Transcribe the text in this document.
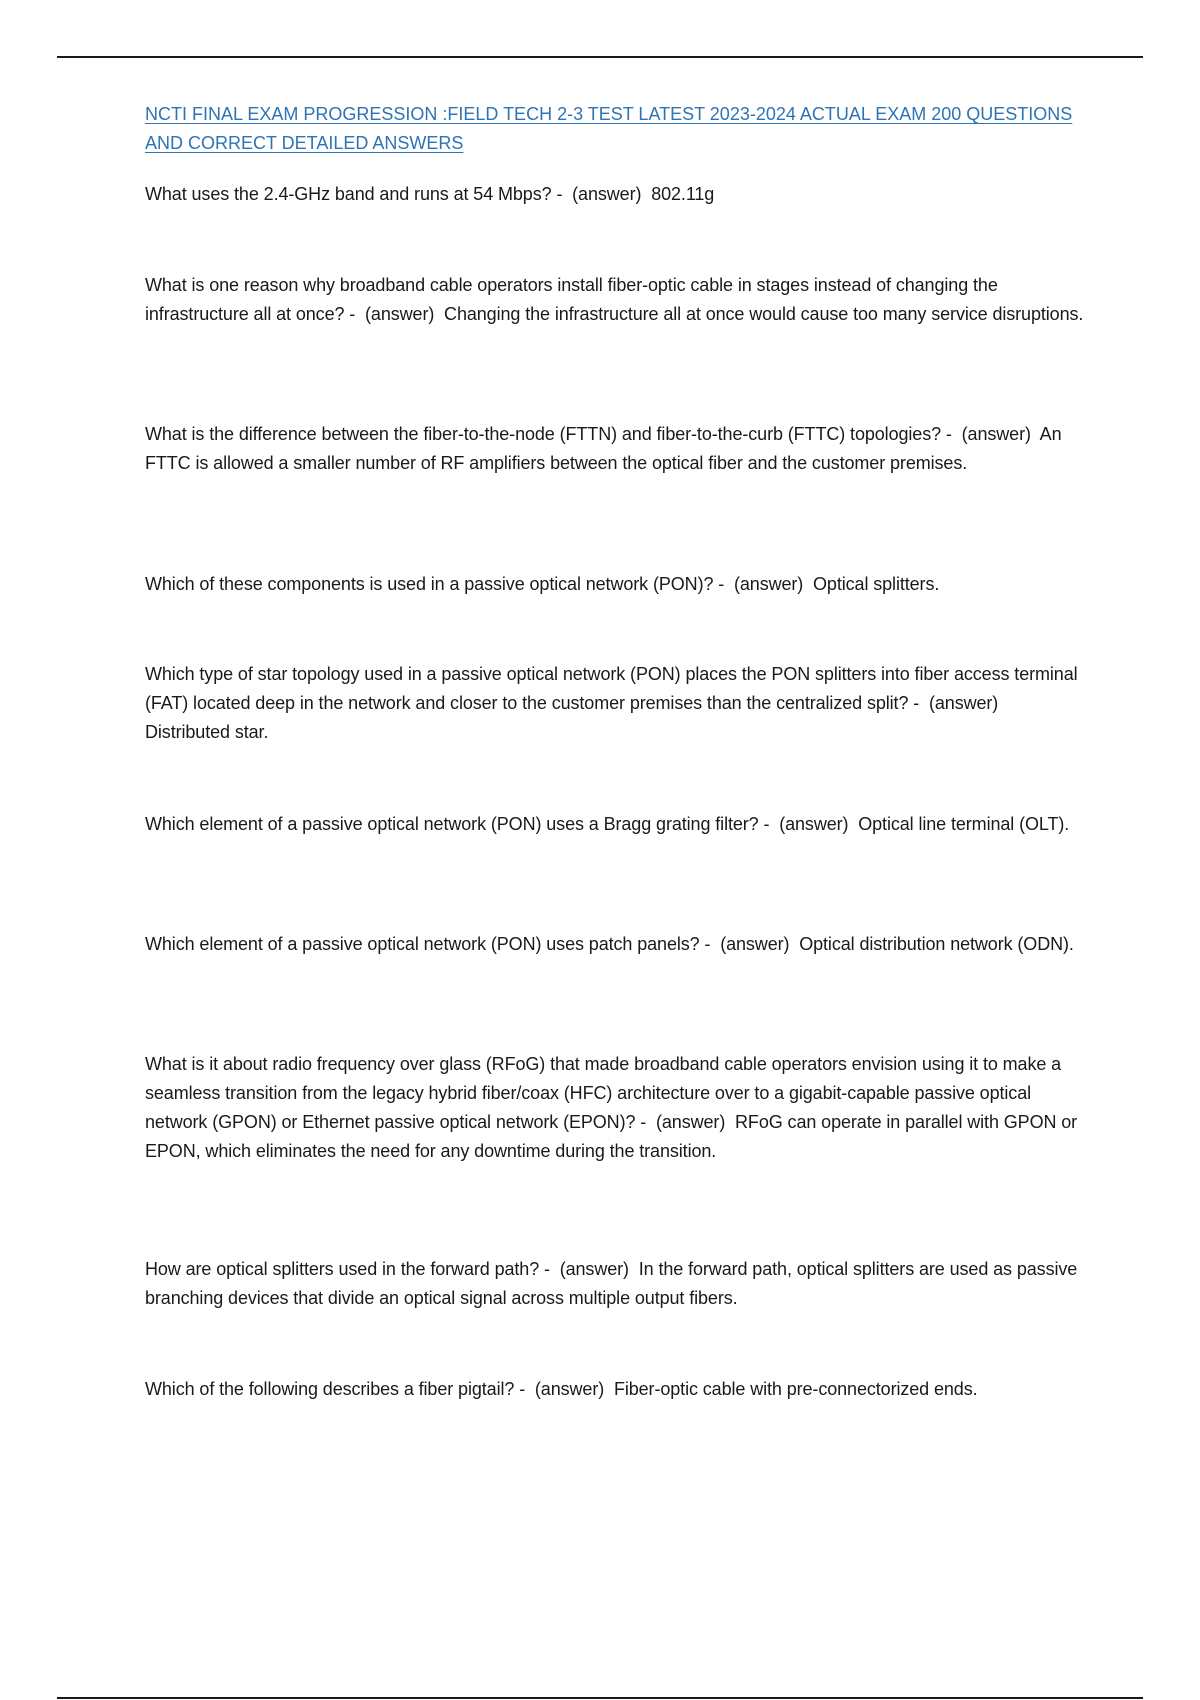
NCTI FINAL EXAM PROGRESSION :FIELD TECH 2-3 TEST LATEST 2023-2024 ACTUAL EXAM 200 QUESTIONS AND CORRECT DETAILED ANSWERS

What uses the 2.4-GHz band and runs at 54 Mbps? -  (answer) 802.11g

What is one reason why broadband cable operators install fiber-optic cable in stages instead of changing the infrastructure all at once? -  (answer) Changing the infrastructure all at once would cause too many service disruptions.

What is the difference between the fiber-to-the-node (FTTN) and fiber-to-the-curb (FTTC) topologies? -  (answer) An FTTC is allowed a smaller number of RF amplifiers between the optical fiber and the customer premises.

Which of these components is used in a passive optical network (PON)? -  (answer) Optical splitters.

Which type of star topology used in a passive optical network (PON) places the PON splitters into fiber access terminal (FAT) located deep in the network and closer to the customer premises than the centralized split? -  (answer)  Distributed star.

Which element of a passive optical network (PON) uses a Bragg grating filter? -  (answer) Optical line terminal (OLT).

Which element of a passive optical network (PON) uses patch panels? -  (answer) Optical distribution network (ODN).

What is it about radio frequency over glass (RFoG) that made broadband cable operators envision using it to make a seamless transition from the legacy hybrid fiber/coax (HFC) architecture over to a gigabit-capable passive optical network (GPON) or Ethernet passive optical network (EPON)? -  (answer) RFoG can operate in parallel with GPON or EPON, which eliminates the need for any downtime during the transition.

How are optical splitters used in the forward path? -  (answer) In the forward path, optical splitters are used as passive branching devices that divide an optical signal across multiple output fibers.

Which of the following describes a fiber pigtail? -  (answer) Fiber-optic cable with pre-connectorized ends.
